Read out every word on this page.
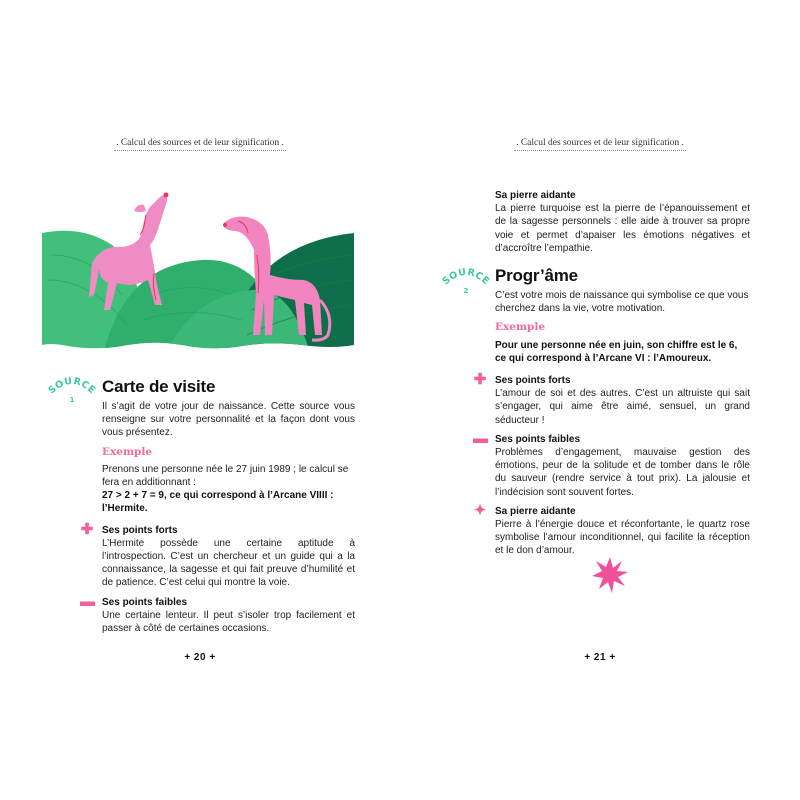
. Calcul des sources et de leur signification .
SOURCE
1
Carte de visite

Il s’agit de votre jour de naissance. Cette source vous renseigne sur votre personnalité et la façon dont vous vous présentez.

Exemple

Prenons une personne née le 27 juin 1989 ; le calcul se fera en additionnant :
27 > 2 + 7 = 9, ce qui correspond à l’Arcane VIIII : l’Hermite.

✚ Ses points forts

L’Hermite possède une certaine aptitude à l’introspection. C’est un chercheur et un guide qui a la connaissance, la sagesse et qui fait preuve d’humilité et de patience. C’est celui qui montre la voie.

▬ Ses points faibles

Une certaine lenteur. Il peut s’isoler trop facilement et passer à côté de certaines occasions.

+ 20 +
. Calcul des sources et de leur signification .
Sa pierre aidante

La pierre turquoise est la pierre de l’épanouissement et de la sagesse personnels : elle aide à trouver sa propre voie et permet d’apaiser les émotions négatives et d’accroître l’empathie.

SOURCE
2
Progr’âme

C’est votre mois de naissance qui symbolise ce que vous cherchez dans la vie, votre motivation.

Exemple

Pour une personne née en juin, son chiffre est le 6, ce qui correspond à l’Arcane VI : l’Amoureux.

✚ Ses points forts

L’amour de soi et des autres. C’est un altruiste qui sait s’engager, qui aime être aimé, sensuel, un grand séducteur !

▬ Ses points faibles

Problèmes d’engagement, mauvaise gestion des émotions, peur de la solitude et de tomber dans le rôle du sauveur (rendre service à tout prix). La jalousie et l’indécision sont souvent fortes.

✦ Sa pierre aidante

Pierre à l’énergie douce et réconfortante, le quartz rose symbolise l’amour inconditionnel, qui facilite la réception et le don d’amour.

+ 21 +
